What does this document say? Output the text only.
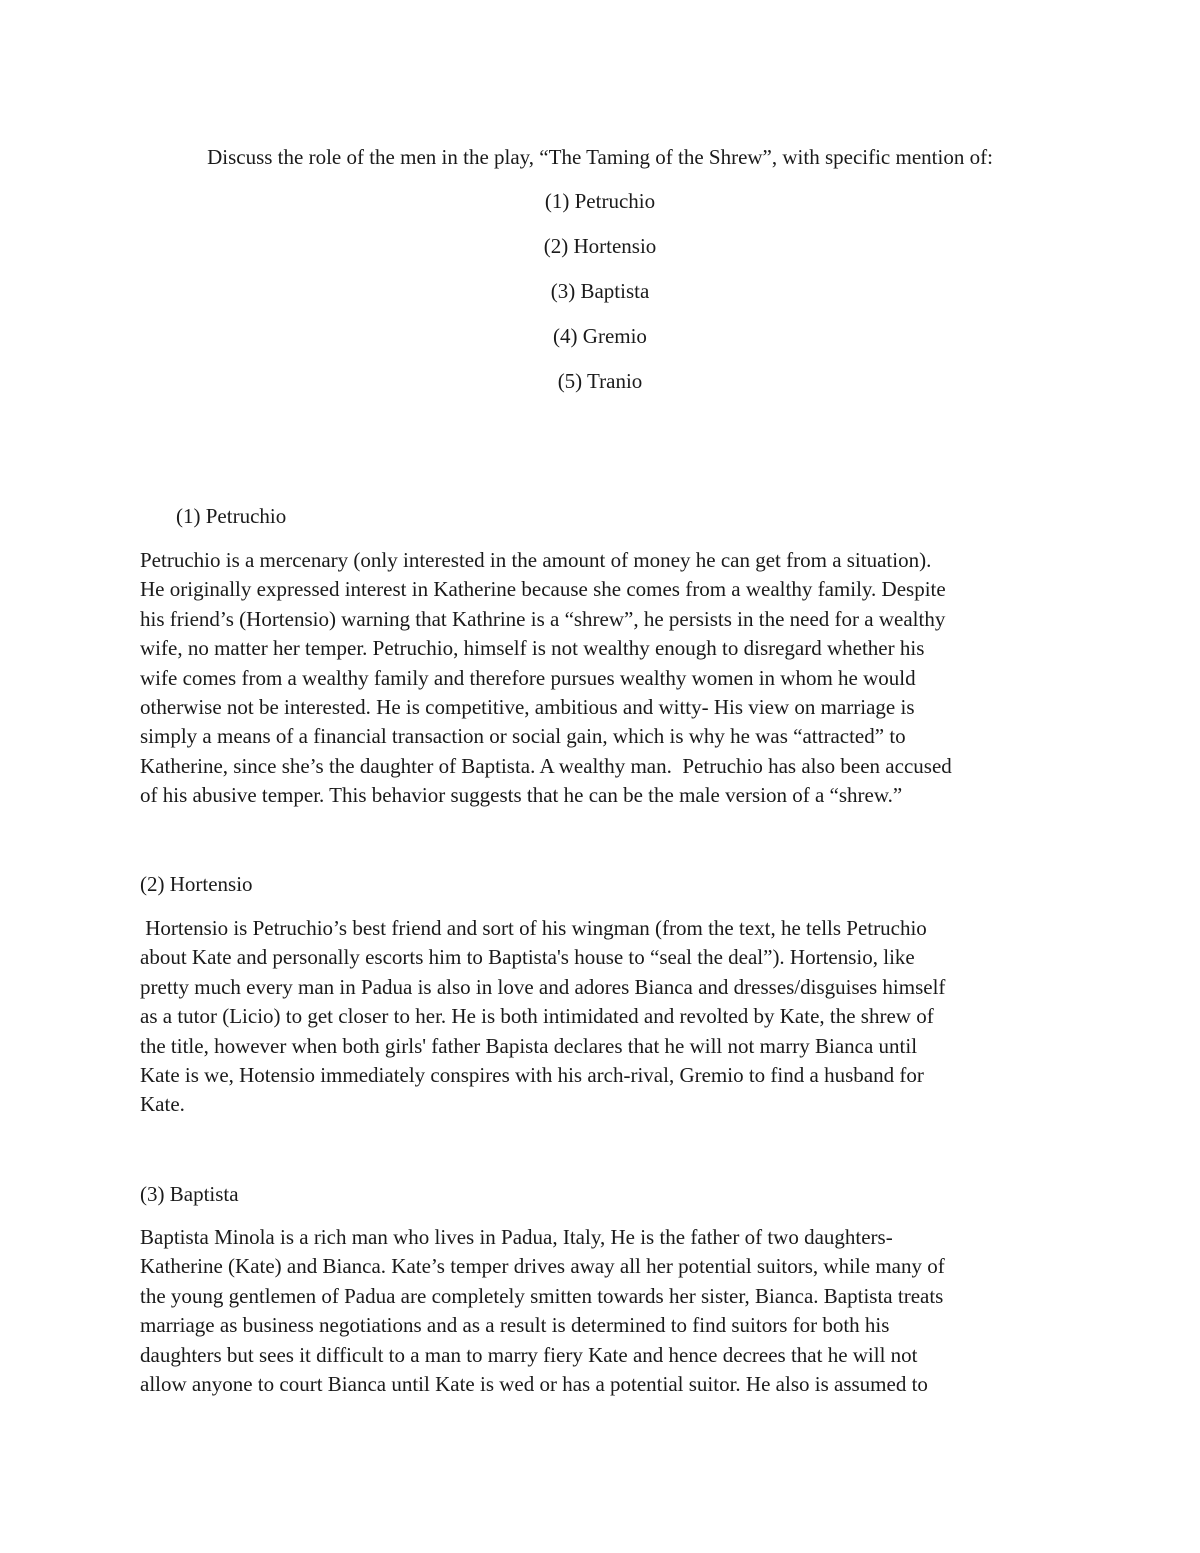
Discuss the role of the men in the play, “The Taming of the Shrew”, with specific mention of:
(1) Petruchio
(2) Hortensio
(3) Baptista
(4) Gremio
(5) Tranio
(1) Petruchio
Petruchio is a mercenary (only interested in the amount of money he can get from a situation).
He originally expressed interest in Katherine because she comes from a wealthy family. Despite
his friend’s (Hortensio) warning that Kathrine is a “shrew”, he persists in the need for a wealthy
wife, no matter her temper. Petruchio, himself is not wealthy enough to disregard whether his
wife comes from a wealthy family and therefore pursues wealthy women in whom he would
otherwise not be interested. He is competitive, ambitious and witty- His view on marriage is
simply a means of a financial transaction or social gain, which is why he was “attracted” to
Katherine, since she’s the daughter of Baptista. A wealthy man.  Petruchio has also been accused
of his abusive temper. This behavior suggests that he can be the male version of a “shrew.”
(2) Hortensio
Hortensio is Petruchio’s best friend and sort of his wingman (from the text, he tells Petruchio
about Kate and personally escorts him to Baptista's house to “seal the deal”). Hortensio, like
pretty much every man in Padua is also in love and adores Bianca and dresses/disguises himself
as a tutor (Licio) to get closer to her. He is both intimidated and revolted by Kate, the shrew of
the title, however when both girls' father Bapista declares that he will not marry Bianca until
Kate is we, Hotensio immediately conspires with his arch-rival, Gremio to find a husband for
Kate.
(3) Baptista
Baptista Minola is a rich man who lives in Padua, Italy, He is the father of two daughters-
Katherine (Kate) and Bianca. Kate’s temper drives away all her potential suitors, while many of
the young gentlemen of Padua are completely smitten towards her sister, Bianca. Baptista treats
marriage as business negotiations and as a result is determined to find suitors for both his
daughters but sees it difficult to a man to marry fiery Kate and hence decrees that he will not
allow anyone to court Bianca until Kate is wed or has a potential suitor. He also is assumed to
